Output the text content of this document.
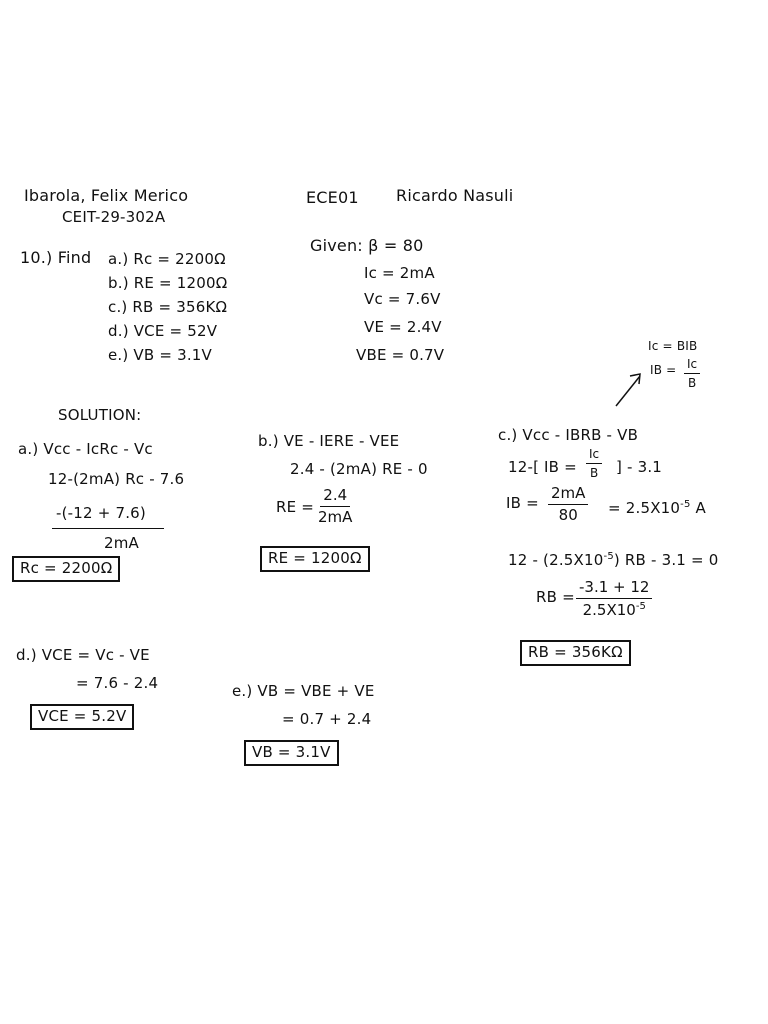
Ibarola, Felix Merico
CEIT-29-302A
ECE01 Ricardo Nasuli
10.) Find a.) Rc = 2200Ω
b.) RE = 1200Ω
c.) RB = 356KΩ
d.) VCE = 52V
e.) VB = 3.1V
Given: β = 80
Ic = 2mA
Vc = 7.6V
VE = 2.4V
VBE = 0.7V	Ic = BIB
IB = $\frac{Ic}{B}$
SOLUTION:
a.) Vcc - IcRc - Vc
12-(2mA) Rc - 7.6
-(-12 + 7.6)
2mA
Rc = 2200Ω
b.) VE - IERE - VEE
2.4 - (2mA) RE - 0
RE = $\frac{2.4}{2mA}$
RE = 1200Ω
c.) Vcc - IBRB - VB
12-[ IB = $\frac{Ic}{B}$ ] - 3.1
IB = $\frac{2mA}{80} = 2.5X10^{-5}$ A
$12 - (2.5X10^{-5})$ RB - 3.1 = 0
RB = $\frac{-3.1 + 12}{2.5X10^{-5}}$
RB = 356KΩ
d.) VCE = Vc - VE
= 7.6 - 2.4
VCE = 5.2V
e.) VB = VBE + VE
= 0.7 + 2.4
VB = 3.1V
